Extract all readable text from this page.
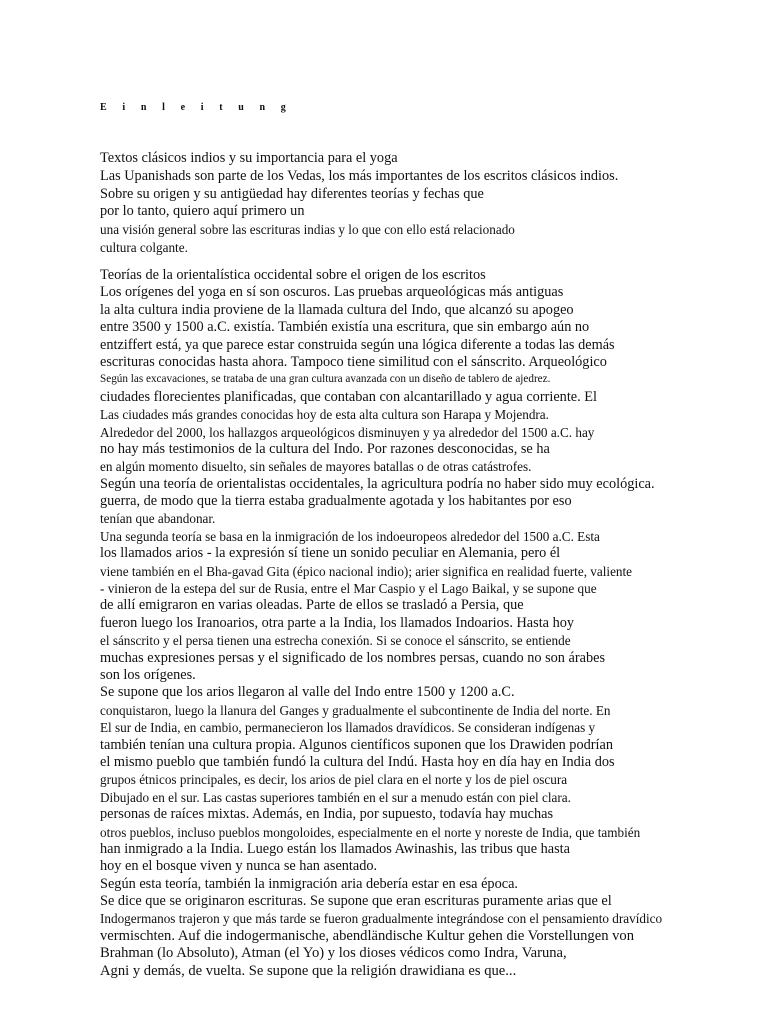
E i n l e i t u n g
Textos clásicos indios y su importancia para el yoga
Las Upanishads son parte de los Vedas, los más importantes de los escritos clásicos indios.
Sobre su origen y su antigüedad hay diferentes teorías y fechas que
por lo tanto, quiero aquí primero un
una visión general sobre las escrituras indias y lo que con ello está relacionado
cultura colgante.
Teorías de la orientalística occidental sobre el origen de los escritos
Los orígenes del yoga en sí son oscuros. Las pruebas arqueológicas más antiguas
la alta cultura india proviene de la llamada cultura del Indo, que alcanzó su apogeo
entre 3500 y 1500 a.C. existía. También existía una escritura, que sin embargo aún no
entziffert está, ya que parece estar construida según una lógica diferente a todas las demás
escrituras conocidas hasta ahora. Tampoco tiene similitud con el sánscrito. Arqueológico
Según las excavaciones, se trataba de una gran cultura avanzada con un diseño de tablero de ajedrez.
ciudades florecientes planificadas, que contaban con alcantarillado y agua corriente. El
Las ciudades más grandes conocidas hoy de esta alta cultura son Harapa y Mojendra.
Alrededor del 2000, los hallazgos arqueológicos disminuyen y ya alrededor del 1500 a.C. hay
no hay más testimonios de la cultura del Indo. Por razones desconocidas, se ha
en algún momento disuelto, sin señales de mayores batallas o de otras catástrofes.
Según una teoría de orientalistas occidentales, la agricultura podría no haber sido muy ecológica.
guerra, de modo que la tierra estaba gradualmente agotada y los habitantes por eso
tenían que abandonar.
Una segunda teoría se basa en la inmigración de los indoeuropeos alrededor del 1500 a.C. Esta
los llamados arios - la expresión sí tiene un sonido peculiar en Alemania, pero él
viene también en el Bha-gavad Gita (épico nacional indio); arier significa en realidad fuerte, valiente
- vinieron de la estepa del sur de Rusia, entre el Mar Caspio y el Lago Baikal, y se supone que
de allí emigraron en varias oleadas. Parte de ellos se trasladó a Persia, que
fueron luego los Iranoarios, otra parte a la India, los llamados Indoarios. Hasta hoy
el sánscrito y el persa tienen una estrecha conexión. Si se conoce el sánscrito, se entiende
muchas expresiones persas y el significado de los nombres persas, cuando no son árabes
son los orígenes.
Se supone que los arios llegaron al valle del Indo entre 1500 y 1200 a.C.
conquistaron, luego la llanura del Ganges y gradualmente el subcontinente de India del norte. En
El sur de India, en cambio, permanecieron los llamados dravídicos. Se consideran indígenas y
también tenían una cultura propia. Algunos científicos suponen que los Drawiden podrían
el mismo pueblo que también fundó la cultura del Indú. Hasta hoy en día hay en India dos
grupos étnicos principales, es decir, los arios de piel clara en el norte y los de piel oscura
Dibujado en el sur. Las castas superiores también en el sur a menudo están con piel clara.
personas de raíces mixtas. Además, en India, por supuesto, todavía hay muchas
otros pueblos, incluso pueblos mongoloides, especialmente en el norte y noreste de India, que también
han inmigrado a la India. Luego están los llamados Awinashis, las tribus que hasta
hoy en el bosque viven y nunca se han asentado.
Según esta teoría, también la inmigración aria debería estar en esa época.
Se dice que se originaron escrituras. Se supone que eran escrituras puramente arias que el
Indogermanos trajeron y que más tarde se fueron gradualmente integrándose con el pensamiento dravídico
vermischten. Auf die indogermanische, abendländische Kultur gehen die Vorstellungen von
Brahman (lo Absoluto), Atman (el Yo) y los dioses védicos como Indra, Varuna,
Agni y demás, de vuelta. Se supone que la religión drawidiana es que...
